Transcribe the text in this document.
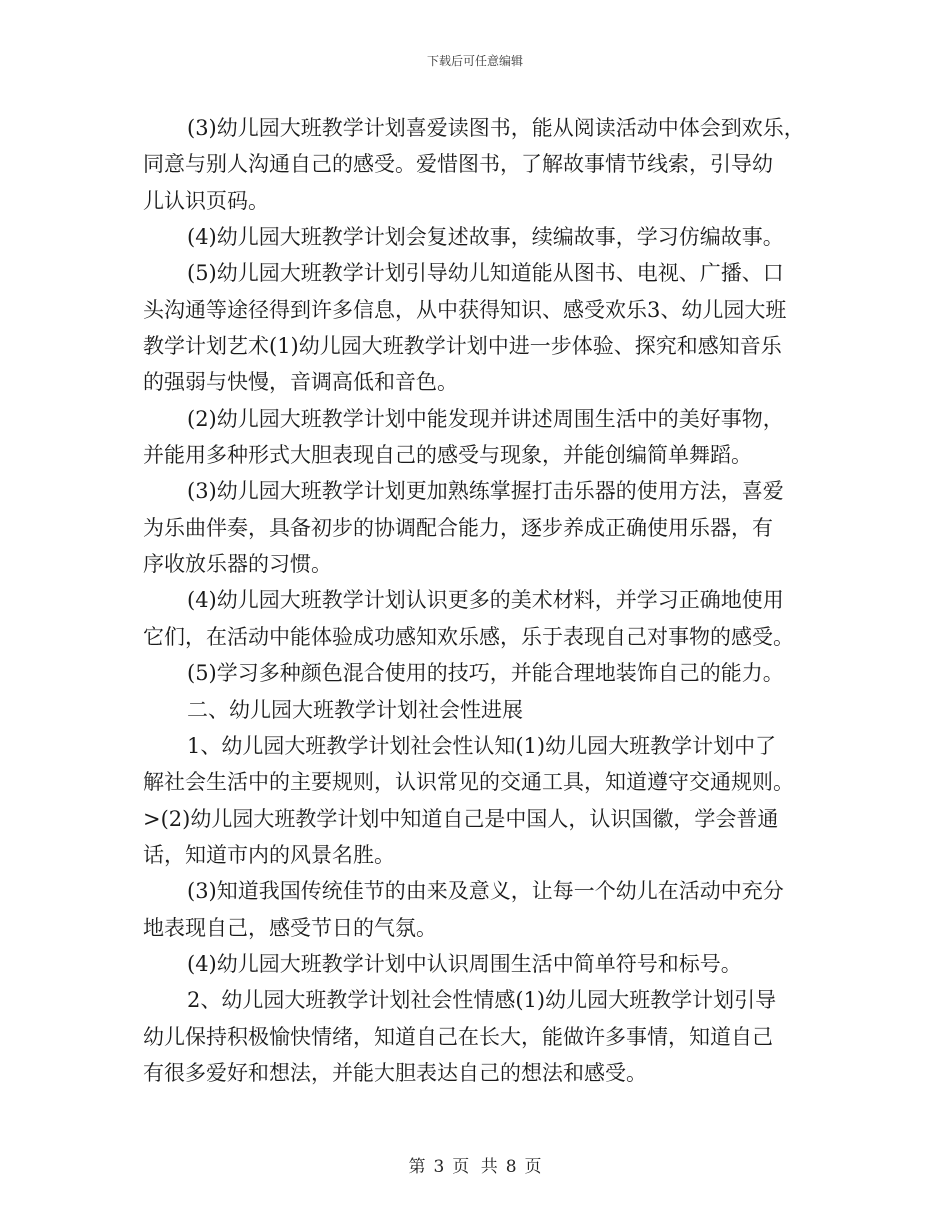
下载后可任意编辑
(3)幼儿园大班教学计划喜爱读图书，能从阅读活动中体会到欢乐，
同意与别人沟通自己的感受。爱惜图书，了解故事情节线索，引导幼
儿认识页码。
(4)幼儿园大班教学计划会复述故事，续编故事，学习仿编故事。
(5)幼儿园大班教学计划引导幼儿知道能从图书、电视、广播、口
头沟通等途径得到许多信息，从中获得知识、感受欢乐3、幼儿园大班
教学计划艺术(1)幼儿园大班教学计划中进一步体验、探究和感知音乐
的强弱与快慢，音调高低和音色。
(2)幼儿园大班教学计划中能发现并讲述周围生活中的美好事物，
并能用多种形式大胆表现自己的感受与现象，并能创编简单舞蹈。
(3)幼儿园大班教学计划更加熟练掌握打击乐器的使用方法，喜爱
为乐曲伴奏，具备初步的协调配合能力，逐步养成正确使用乐器，有
序收放乐器的习惯。
(4)幼儿园大班教学计划认识更多的美术材料，并学习正确地使用
它们，在活动中能体验成功感知欢乐感，乐于表现自己对事物的感受。
(5)学习多种颜色混合使用的技巧，并能合理地装饰自己的能力。
二、幼儿园大班教学计划社会性进展
1、幼儿园大班教学计划社会性认知(1)幼儿园大班教学计划中了
解社会生活中的主要规则，认识常见的交通工具，知道遵守交通规则。
>(2)幼儿园大班教学计划中知道自己是中国人，认识国徽，学会普通
话，知道市内的风景名胜。
(3)知道我国传统佳节的由来及意义，让每一个幼儿在活动中充分
地表现自己，感受节日的气氛。
(4)幼儿园大班教学计划中认识周围生活中简单符号和标号。
2、幼儿园大班教学计划社会性情感(1)幼儿园大班教学计划引导
幼儿保持积极愉快情绪，知道自己在长大，能做许多事情，知道自己
有很多爱好和想法，并能大胆表达自己的想法和感受。
第 3 页 共 8 页
